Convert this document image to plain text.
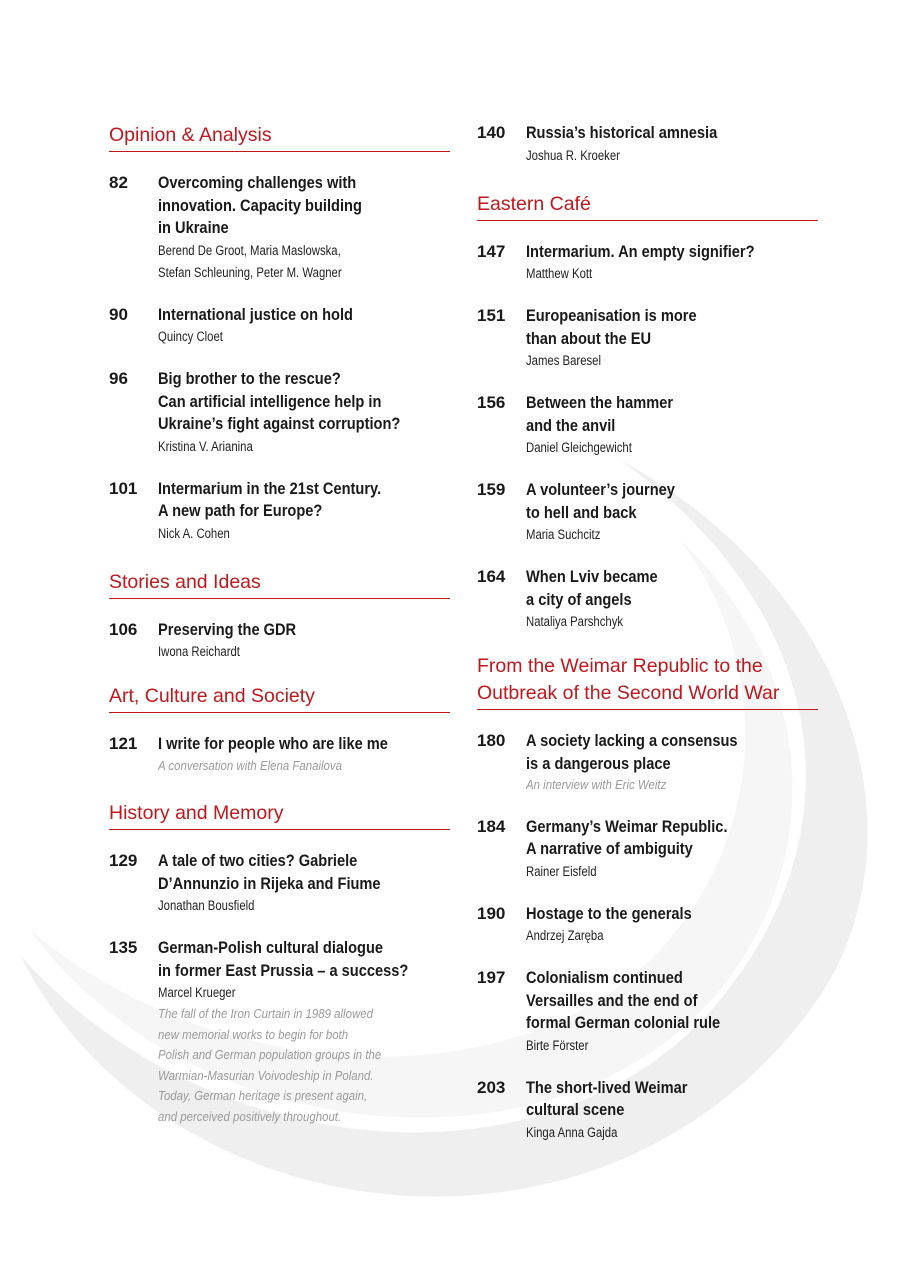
Opinion & Analysis
82 Overcoming challenges with
innovation. Capacity building
in Ukraine
Berend De Groot, Maria Maslowska,
Stefan Schleuning, Peter M. Wagner
90 International justice on hold
Quincy Cloet
96 Big brother to the rescue?
Can artificial intelligence help in
Ukraine’s fight against corruption?
Kristina V. Arianina
101 Intermarium in the 21st Century.
A new path for Europe?
Nick A. Cohen
Stories and Ideas
106 Preserving the GDR
Iwona Reichardt
Art, Culture and Society
121 I write for people who are like me
A conversation with Elena Fanailova
History and Memory
129 A tale of two cities? Gabriele
D’Annunzio in Rijeka and Fiume
Jonathan Bousfield
135 German-Polish cultural dialogue
in former East Prussia – a success?
Marcel Krueger
The fall of the Iron Curtain in 1989 allowed
new memorial works to begin for both
Polish and German population groups in the
Warmian-Masurian Voivodeship in Poland.
Today, German heritage is present again,
and perceived positively throughout.
140 Russia’s historical amnesia
Joshua R. Kroeker
Eastern Café
147 Intermarium. An empty signifier?
Matthew Kott
151 Europeanisation is more
than about the EU
James Baresel
156 Between the hammer
and the anvil
Daniel Gleichgewicht
159 A volunteer’s journey
to hell and back
Maria Suchcitz
164 When Lviv became
a city of angels
Nataliya Parshchyk
From the Weimar Republic to the
Outbreak of the Second World War
180 A society lacking a consensus
is a dangerous place
An interview with Eric Weitz
184 Germany’s Weimar Republic.
A narrative of ambiguity
Rainer Eisfeld
190 Hostage to the generals
Andrzej Zaręba
197 Colonialism continued
Versailles and the end of
formal German colonial rule
Birte Förster
203 The short-lived Weimar
cultural scene
Kinga Anna Gajda
